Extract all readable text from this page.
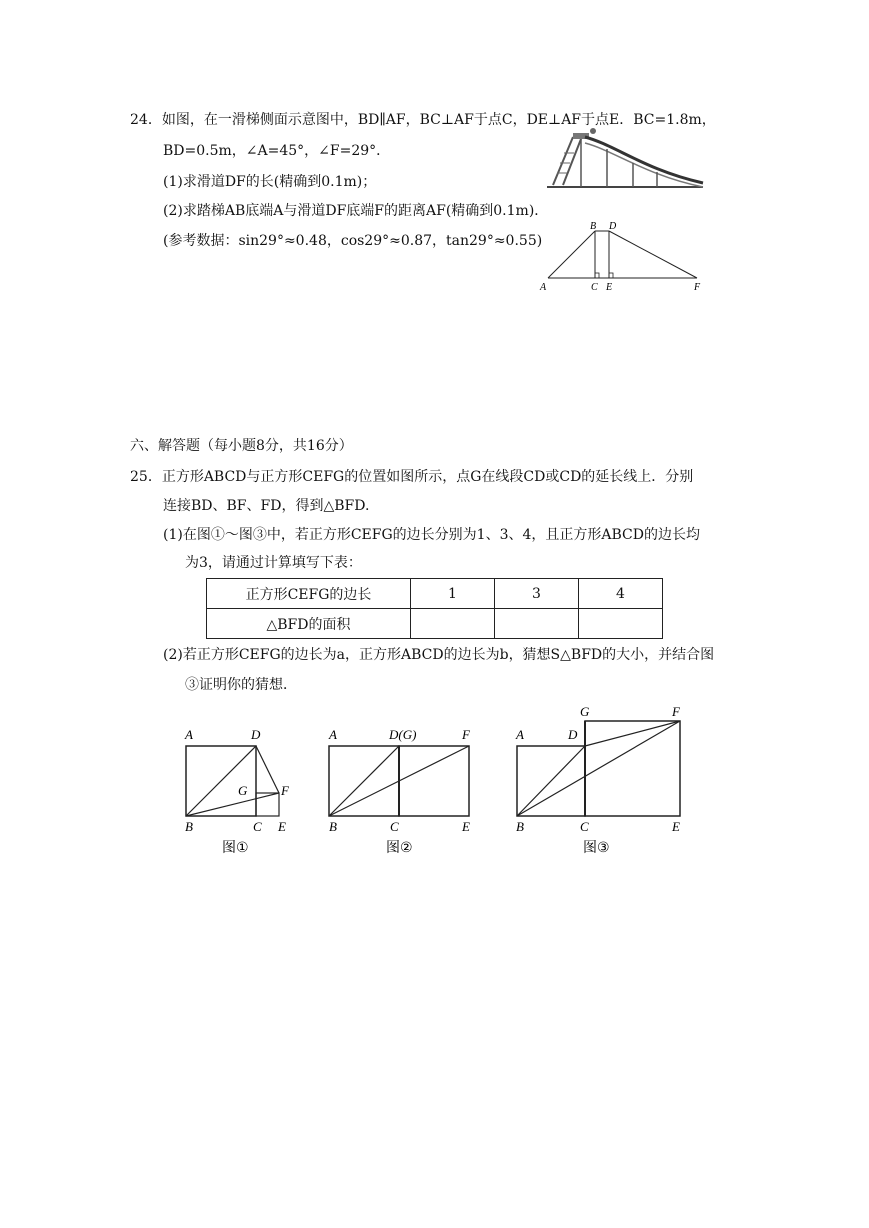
24．如图，在一滑梯侧面示意图中，BD∥AF，BC⊥AF于点C，DE⊥AF于点E．BC=1.8m，
BD=0.5m，∠A=45°，∠F=29°．
(1)求滑道DF的长(精确到0.1m)；
(2)求踏梯AB底端A与滑道DF底端F的距离AF(精确到0.1m)．
(参考数据：sin29°≈0.48，cos29°≈0.87，tan29°≈0.55)
B D
A	C E	F
六、解答题（每小题8分，共16分）
25．正方形ABCD与正方形CEFG的位置如图所示，点G在线段CD或CD的延长线上．分别
连接BD、BF、FD，得到△BFD.
(1)在图①～图③中，若正方形CEFG的边长分别为1、3、4，且正方形ABCD的边长均
为3，请通过计算填写下表：
正方形CEFG的边长	1	3	4
△BFD的面积			
(2)若正方形CEFG的边长为a，正方形ABCD的边长为b，猜想S△BFD的大小，并结合图
③证明你的猜想．
A	D
G	F
B	C E
图①
A	D(G)	F
B	C	E
图②
G	F
A	D
B	C	E
图③
